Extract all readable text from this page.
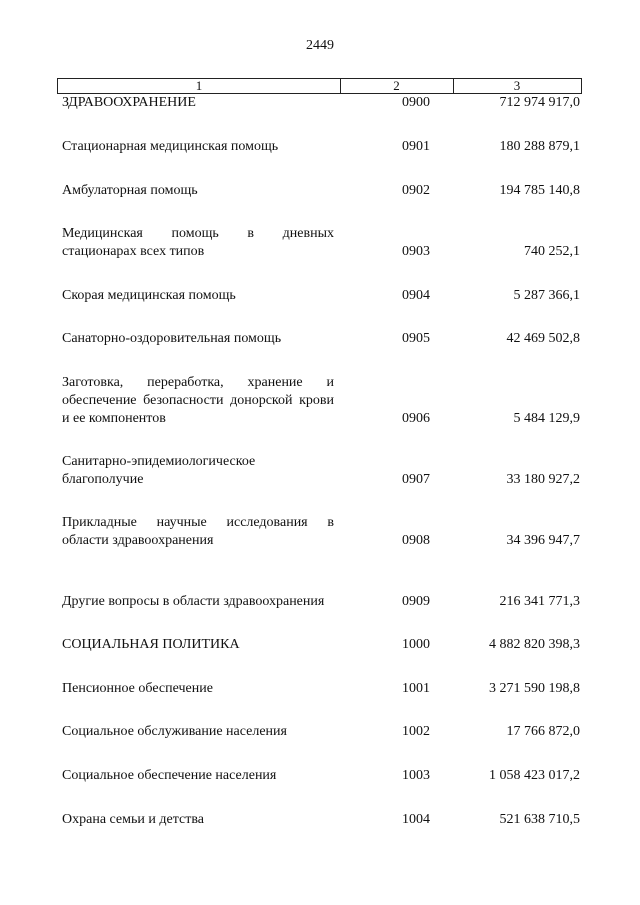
2449
1	2	3
ЗДРАВООХРАНЕНИЕ	0900	712 974 917,0
Стационарная медицинская помощь	0901	180 288 879,1
Амбулаторная помощь	0902	194 785 140,8
Медицинская помощь в дневных стационарах всех типов	0903	740 252,1
Скорая медицинская помощь	0904	5 287 366,1
Санаторно-оздоровительная помощь	0905	42 469 502,8
Заготовка, переработка, хранение и обеспечение безопасности донорской крови и ее компонентов	0906	5 484 129,9
Санитарно-эпидемиологическое благополучие	0907	33 180 927,2
Прикладные научные исследования в области здравоохранения	0908	34 396 947,7
Другие вопросы в области здравоохранения	0909	216 341 771,3
СОЦИАЛЬНАЯ ПОЛИТИКА	1000	4 882 820 398,3
Пенсионное обеспечение	1001	3 271 590 198,8
Социальное обслуживание населения	1002	17 766 872,0
Социальное обеспечение населения	1003	1 058 423 017,2
Охрана семьи и детства	1004	521 638 710,5
